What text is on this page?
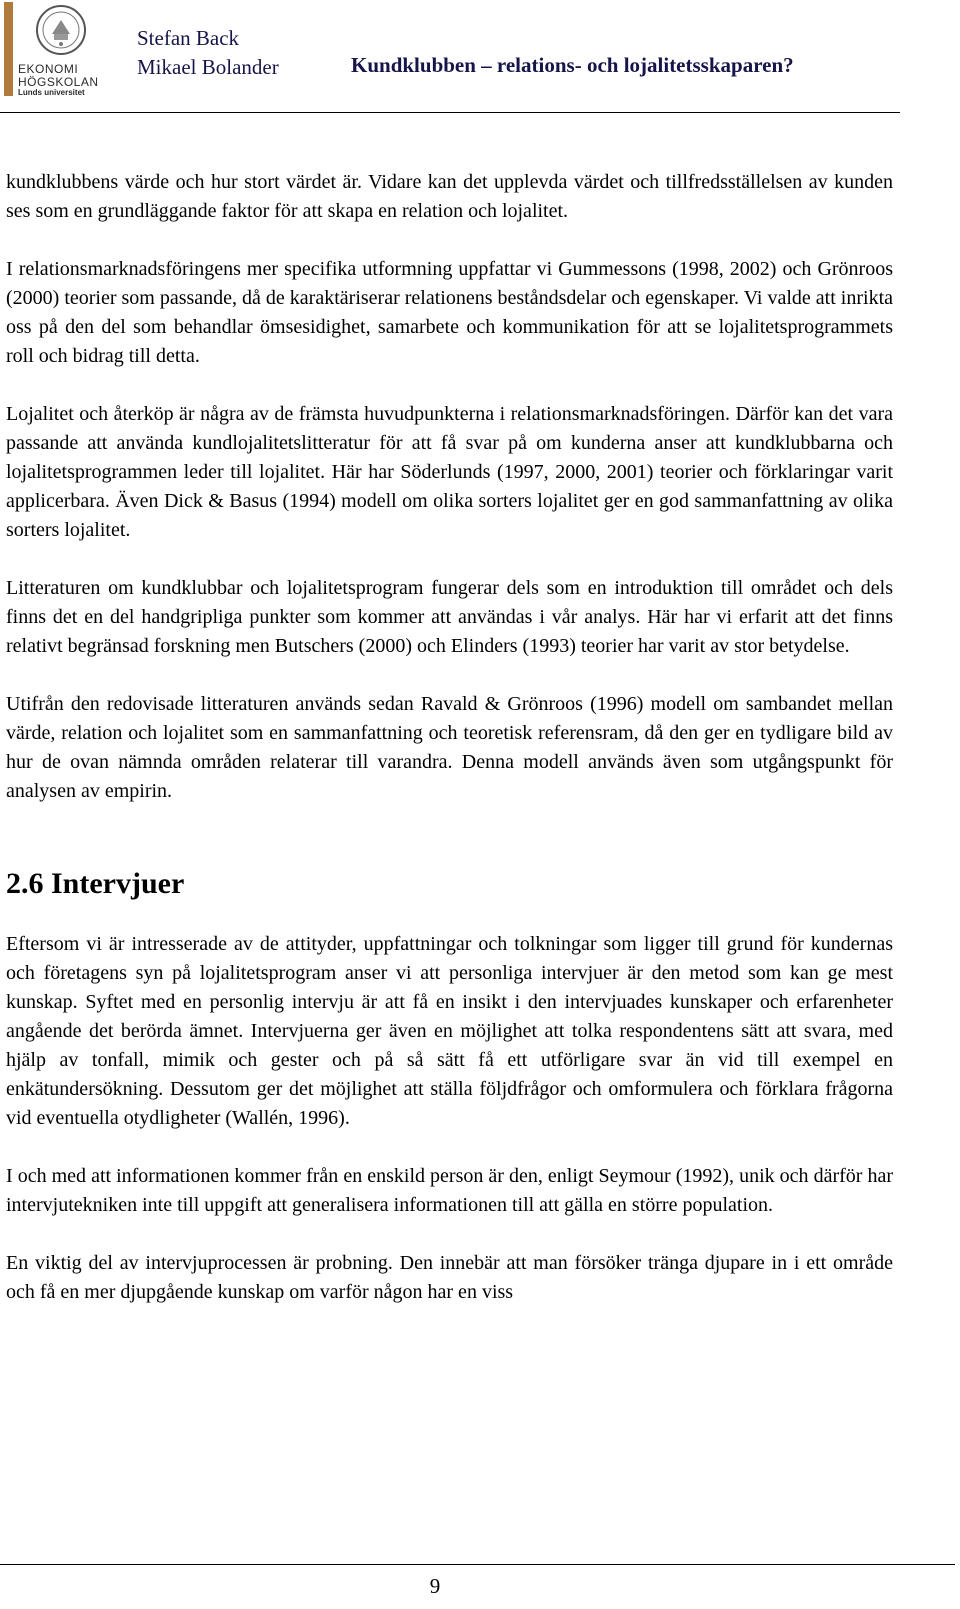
EKONOMI
HÖGSKOLAN
Lunds universitet
Stefan Back
Mikael Bolander	Kundklubben – relations- och lojalitetsskaparen?

kundklubbens värde och hur stort värdet är. Vidare kan det upplevda värdet och tillfredsställelsen av kunden ses som en grundläggande faktor för att skapa en relation och lojalitet.

I relationsmarknadsföringens mer specifika utformning uppfattar vi Gummessons (1998, 2002) och Grönroos (2000) teorier som passande, då de karaktäriserar relationens beståndsdelar och egenskaper. Vi valde att inrikta oss på den del som behandlar ömsesidighet, samarbete och kommunikation för att se lojalitetsprogrammets roll och bidrag till detta.

Lojalitet och återköp är några av de främsta huvudpunkterna i relationsmarknadsföringen. Därför kan det vara passande att använda kundlojalitetslitteratur för att få svar på om kunderna anser att kundklubbarna och lojalitetsprogrammen leder till lojalitet. Här har Söderlunds (1997, 2000, 2001) teorier och förklaringar varit applicerbara. Även Dick & Basus (1994) modell om olika sorters lojalitet ger en god sammanfattning av olika sorters lojalitet.

Litteraturen om kundklubbar och lojalitetsprogram fungerar dels som en introduktion till området och dels finns det en del handgripliga punkter som kommer att användas i vår analys. Här har vi erfarit att det finns relativt begränsad forskning men Butschers (2000) och Elinders (1993) teorier har varit av stor betydelse.

Utifrån den redovisade litteraturen används sedan Ravald & Grönroos (1996) modell om sambandet mellan värde, relation och lojalitet som en sammanfattning och teoretisk referensram, då den ger en tydligare bild av hur de ovan nämnda områden relaterar till varandra. Denna modell används även som utgångspunkt för analysen av empirin.

2.6 Intervjuer

Eftersom vi är intresserade av de attityder, uppfattningar och tolkningar som ligger till grund för kundernas och företagens syn på lojalitetsprogram anser vi att personliga intervjuer är den metod som kan ge mest kunskap. Syftet med en personlig intervju är att få en insikt i den intervjuades kunskaper och erfarenheter angående det berörda ämnet. Intervjuerna ger även en möjlighet att tolka respondentens sätt att svara, med hjälp av tonfall, mimik och gester och på så sätt få ett utförligare svar än vid till exempel en enkätundersökning. Dessutom ger det möjlighet att ställa följdfrågor och omformulera och förklara frågorna vid eventuella otydligheter (Wallén, 1996).

I och med att informationen kommer från en enskild person är den, enligt Seymour (1992), unik och därför har intervjutekniken inte till uppgift att generalisera informationen till att gälla en större population.

En viktig del av intervjuprocessen är probning. Den innebär att man försöker tränga djupare in i ett område och få en mer djupgående kunskap om varför någon har en viss

9
